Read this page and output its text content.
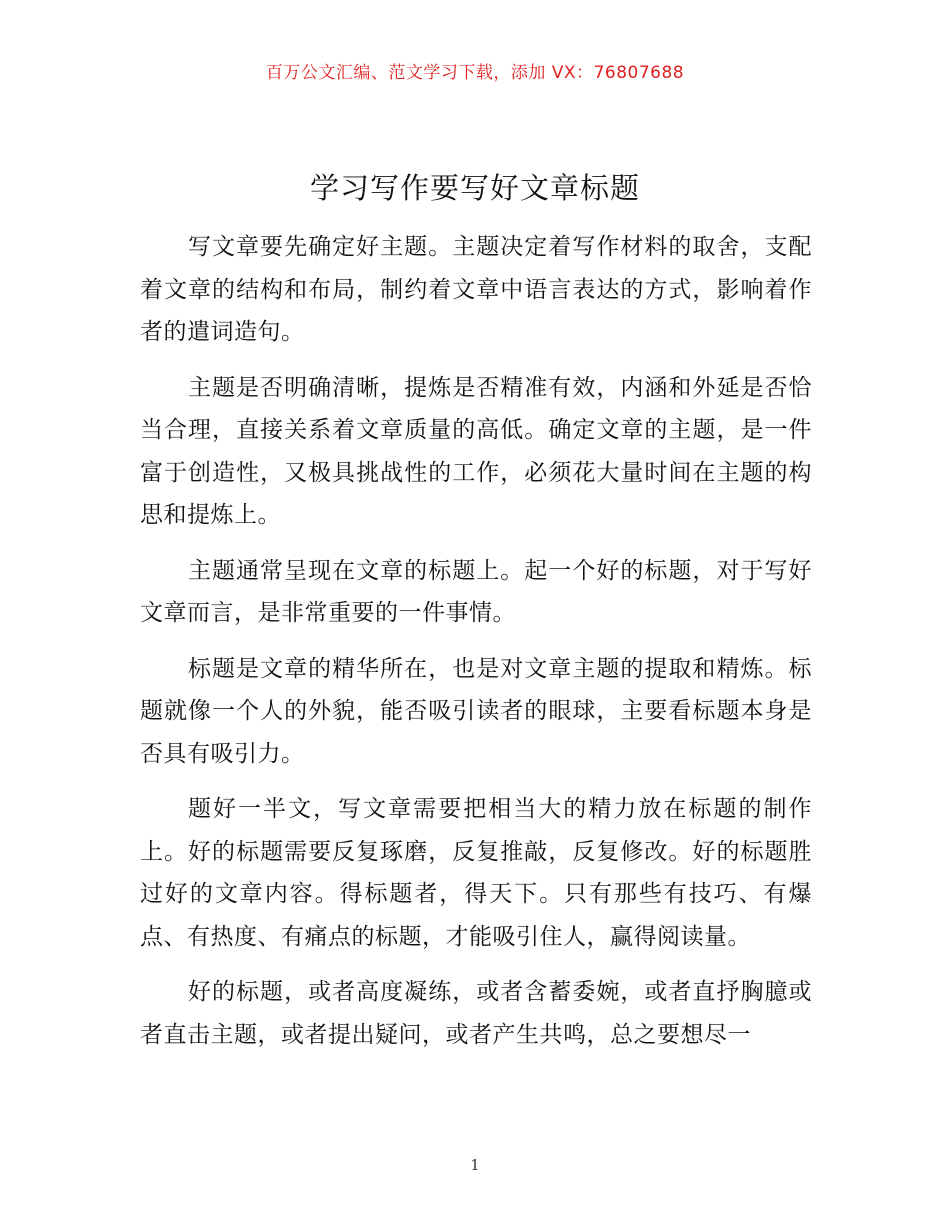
百万公文汇编、范文学习下载，添加 VX：76807688
学习写作要写好文章标题

写文章要先确定好主题。主题决定着写作材料的取舍，支配着文章的结构和布局，制约着文章中语言表达的方式，影响着作者的遣词造句。

主题是否明确清晰，提炼是否精准有效，内涵和外延是否恰当合理，直接关系着文章质量的高低。确定文章的主题，是一件富于创造性，又极具挑战性的工作，必须花大量时间在主题的构思和提炼上。

主题通常呈现在文章的标题上。起一个好的标题，对于写好文章而言，是非常重要的一件事情。

标题是文章的精华所在，也是对文章主题的提取和精炼。标题就像一个人的外貌，能否吸引读者的眼球，主要看标题本身是否具有吸引力。

题好一半文，写文章需要把相当大的精力放在标题的制作上。好的标题需要反复琢磨，反复推敲，反复修改。好的标题胜过好的文章内容。得标题者，得天下。只有那些有技巧、有爆点、有热度、有痛点的标题，才能吸引住人，赢得阅读量。

好的标题，或者高度凝练，或者含蓄委婉，或者直抒胸臆或者直击主题，或者提出疑问，或者产生共鸣，总之要想尽一

1
